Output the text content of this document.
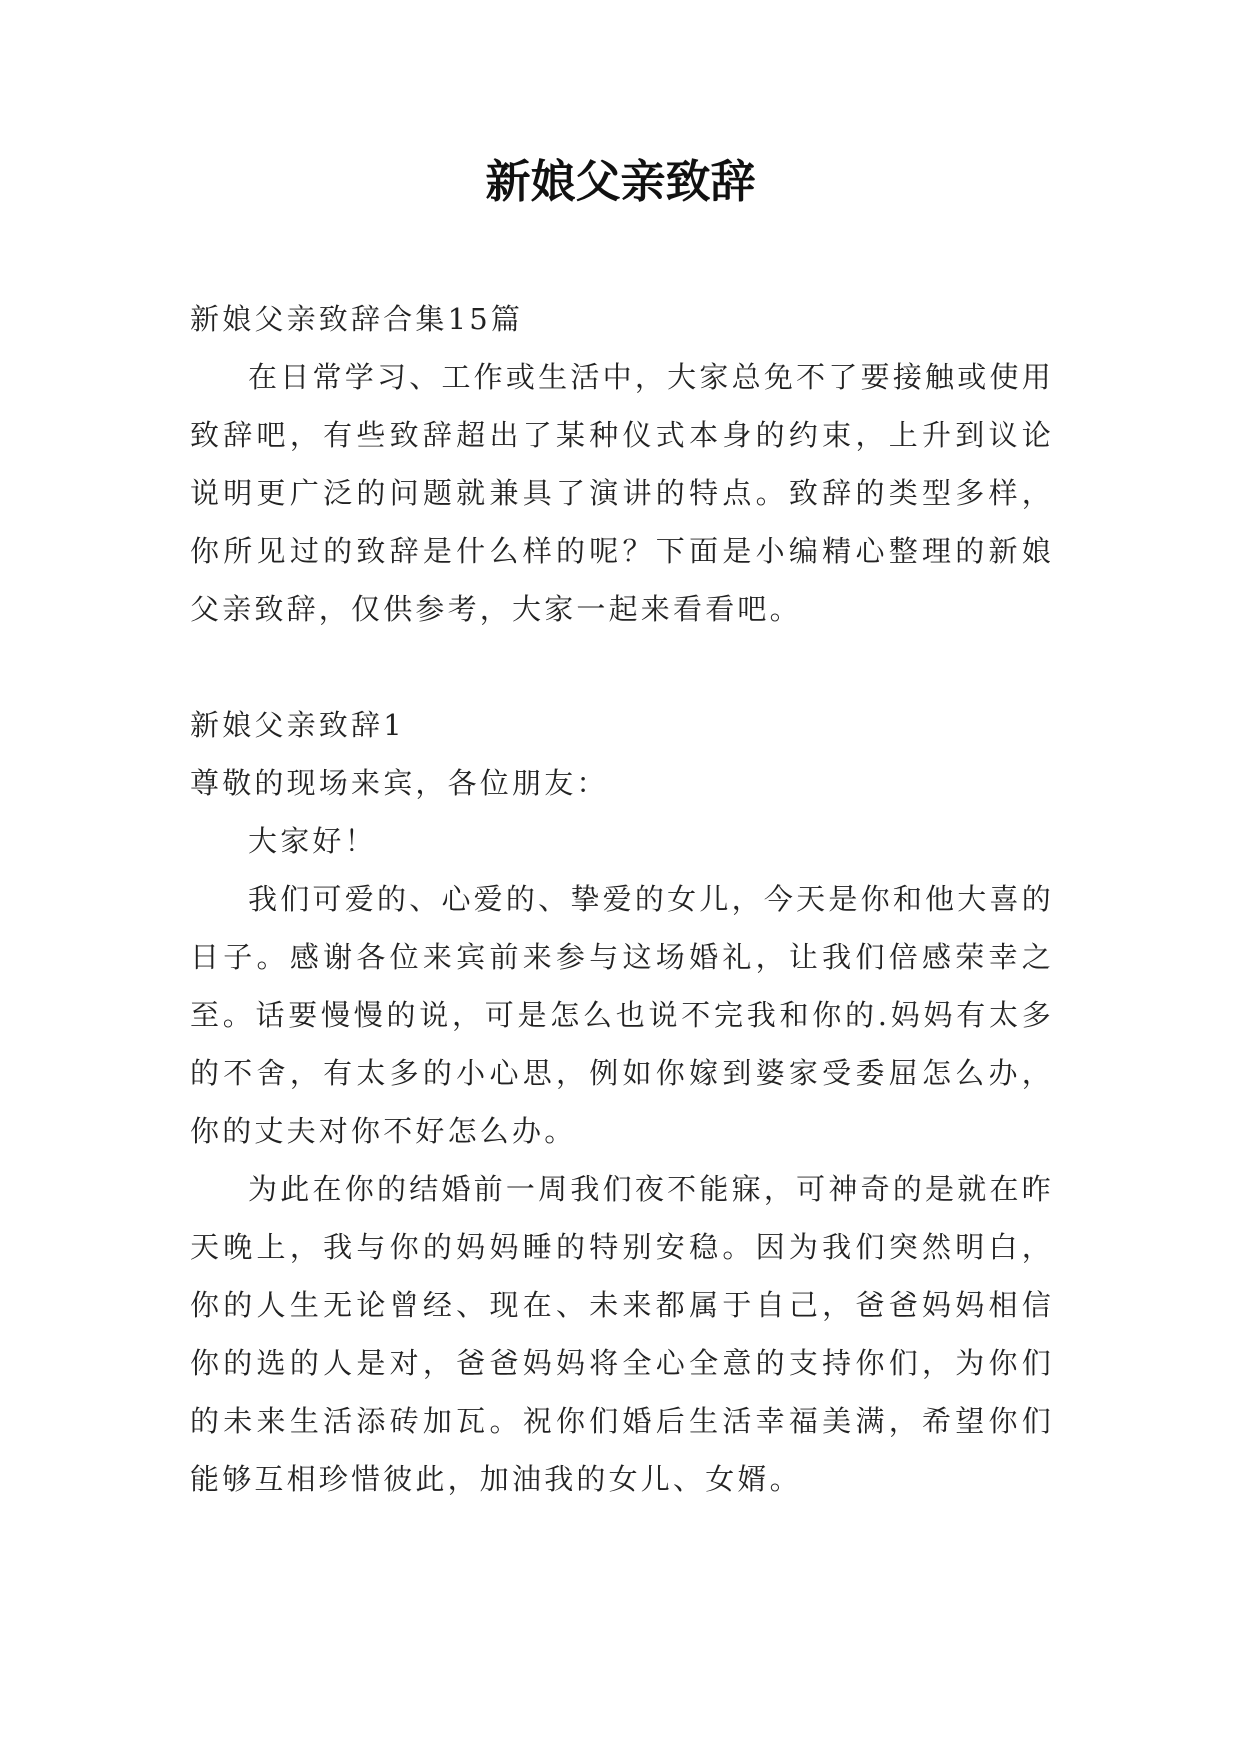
新娘父亲致辞

新娘父亲致辞合集15篇

在日常学习、工作或生活中，大家总免不了要接触或使用致辞吧，有些致辞超出了某种仪式本身的约束，上升到议论说明更广泛的问题就兼具了演讲的特点。致辞的类型多样，你所见过的致辞是什么样的呢？下面是小编精心整理的新娘父亲致辞，仅供参考，大家一起来看看吧。

新娘父亲致辞1

尊敬的现场来宾，各位朋友：

大家好！

我们可爱的、心爱的、挚爱的女儿，今天是你和他大喜的日子。感谢各位来宾前来参与这场婚礼，让我们倍感荣幸之至。话要慢慢的说，可是怎么也说不完我和你的.妈妈有太多的不舍，有太多的小心思，例如你嫁到婆家受委屈怎么办，你的丈夫对你不好怎么办。

为此在你的结婚前一周我们夜不能寐，可神奇的是就在昨天晚上，我与你的妈妈睡的特别安稳。因为我们突然明白，你的人生无论曾经、现在、未来都属于自己，爸爸妈妈相信你的选的人是对，爸爸妈妈将全心全意的支持你们，为你们的未来生活添砖加瓦。祝你们婚后生活幸福美满，希望你们能够互相珍惜彼此，加油我的女儿、女婿。
